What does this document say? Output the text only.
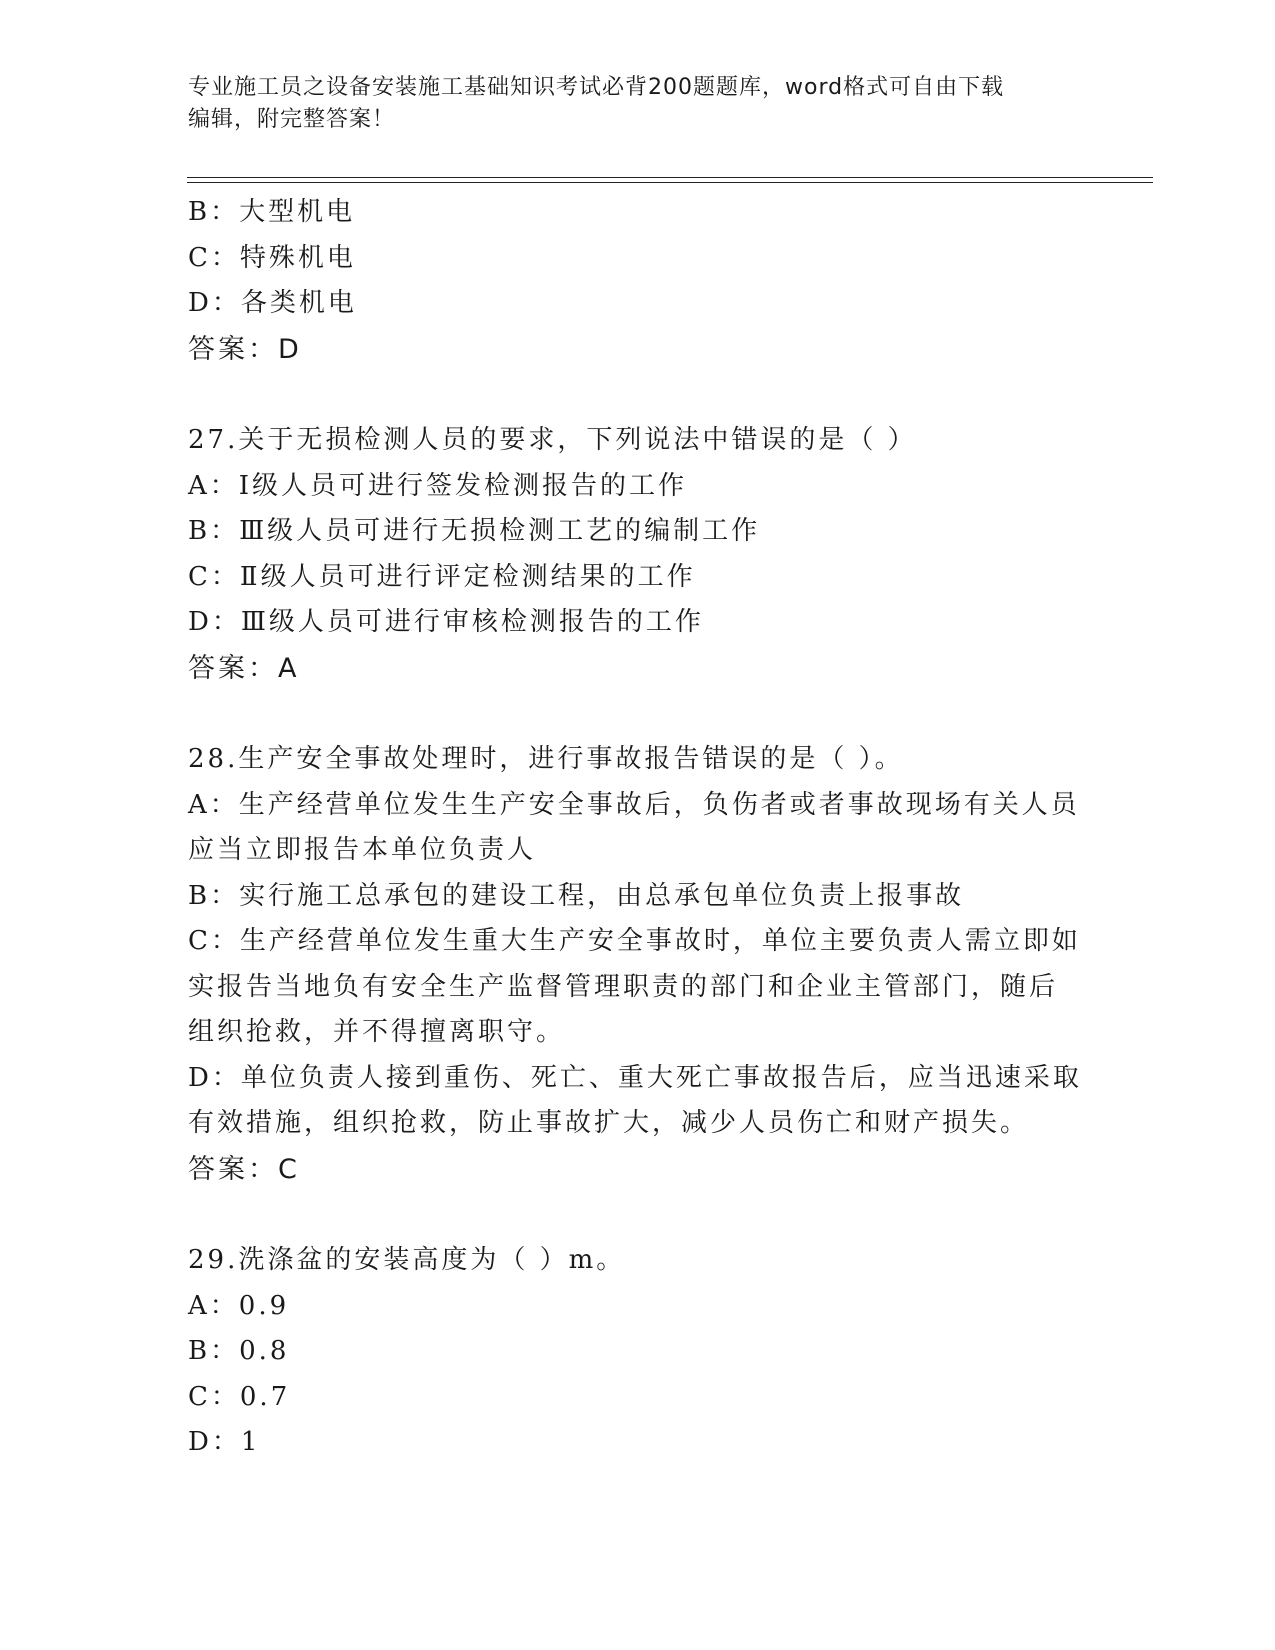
专业施工员之设备安装施工基础知识考试必背200题题库，word格式可自由下载
编辑，附完整答案！
B：大型机电
C：特殊机电
D：各类机电
答案：D
27.关于无损检测人员的要求，下列说法中错误的是（ ）
A：Ⅰ级人员可进行签发检测报告的工作
B：Ⅲ级人员可进行无损检测工艺的编制工作
C：Ⅱ级人员可进行评定检测结果的工作
D：Ⅲ级人员可进行审核检测报告的工作
答案：A
28.生产安全事故处理时，进行事故报告错误的是（ ）。
A：生产经营单位发生生产安全事故后，负伤者或者事故现场有关人员
应当立即报告本单位负责人
B：实行施工总承包的建设工程，由总承包单位负责上报事故
C：生产经营单位发生重大生产安全事故时，单位主要负责人需立即如
实报告当地负有安全生产监督管理职责的部门和企业主管部门，随后
组织抢救，并不得擅离职守。
D：单位负责人接到重伤、死亡、重大死亡事故报告后，应当迅速采取
有效措施，组织抢救，防止事故扩大，减少人员伤亡和财产损失。
答案：C
29.洗涤盆的安装高度为（ ）m。
A：0.9
B：0.8
C：0.7
D：1
